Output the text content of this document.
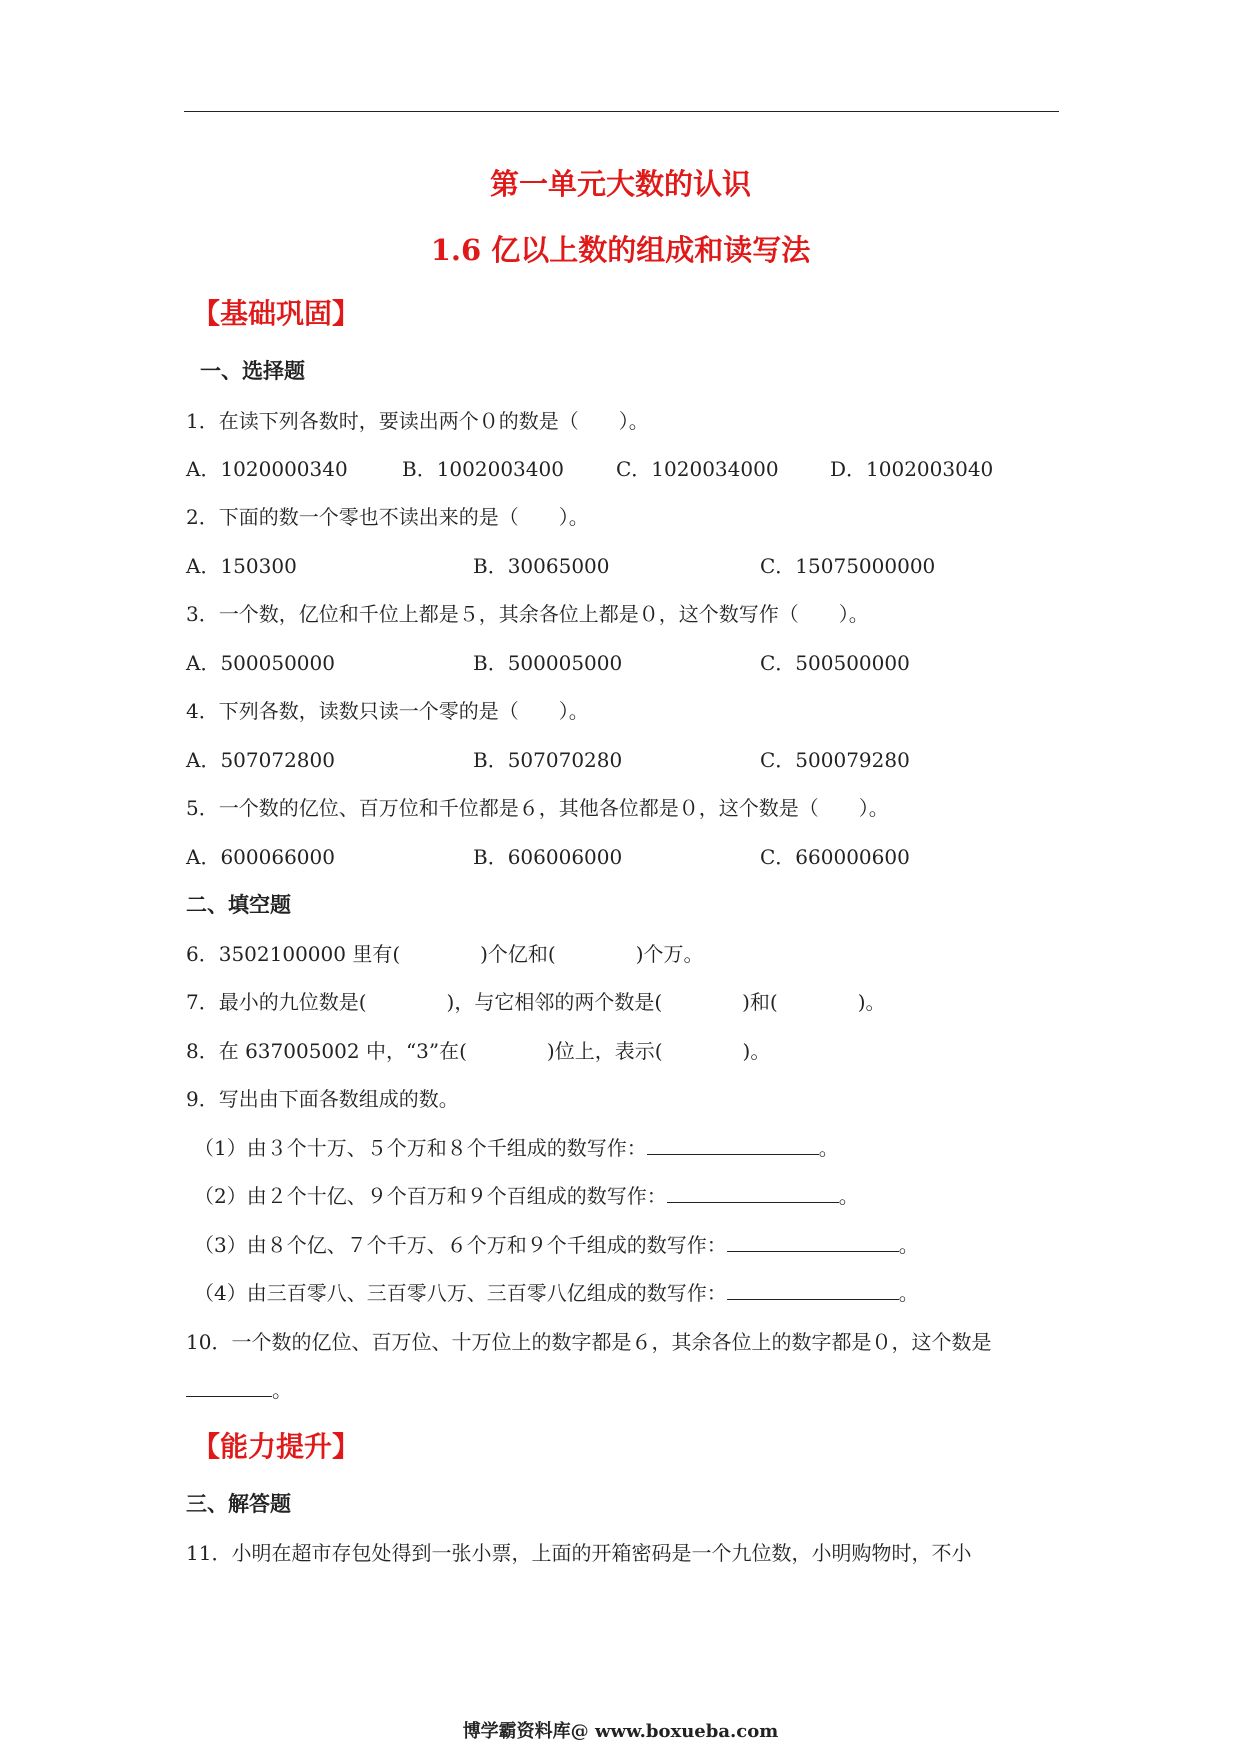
第一单元大数的认识
1.6 亿以上数的组成和读写法
【基础巩固】
一、选择题
1．在读下列各数时，要读出两个０的数是（　　）。
A．1020000340	B．1002003400	C．1020034000	D．1002003040
2．下面的数一个零也不读出来的是（　　）。
A．150300	B．30065000	C．15075000000
3．一个数，亿位和千位上都是５，其余各位上都是０，这个数写作（　　）。
A．500050000	B．500005000	C．500500000
4．下列各数，读数只读一个零的是（　　）。
A．507072800	B．507070280	C．500079280
5．一个数的亿位、百万位和千位都是６，其他各位都是０，这个数是（　　）。
A．600066000	B．606006000	C．660000600
二、填空题
6．3502100000 里有(　　　　)个亿和(　　　　)个万。
7．最小的九位数是(　　　　)，与它相邻的两个数是(　　　　)和(　　　　)。
8．在 637005002 中，“3”在(　　　　)位上，表示(　　　　)。
9．写出由下面各数组成的数。
（1）由３个十万、５个万和８个千组成的数写作：	。
（2）由２个十亿、９个百万和９个百组成的数写作：	。
（3）由８个亿、７个千万、６个万和９个千组成的数写作：	。
（4）由三百零八、三百零八万、三百零八亿组成的数写作：	。
10．一个数的亿位、百万位、十万位上的数字都是６，其余各位上的数字都是０，这个数是
。
【能力提升】
三、解答题
11．小明在超市存包处得到一张小票，上面的开箱密码是一个九位数，小明购物时，不小
博学霸资料库@ www.boxueba.com
